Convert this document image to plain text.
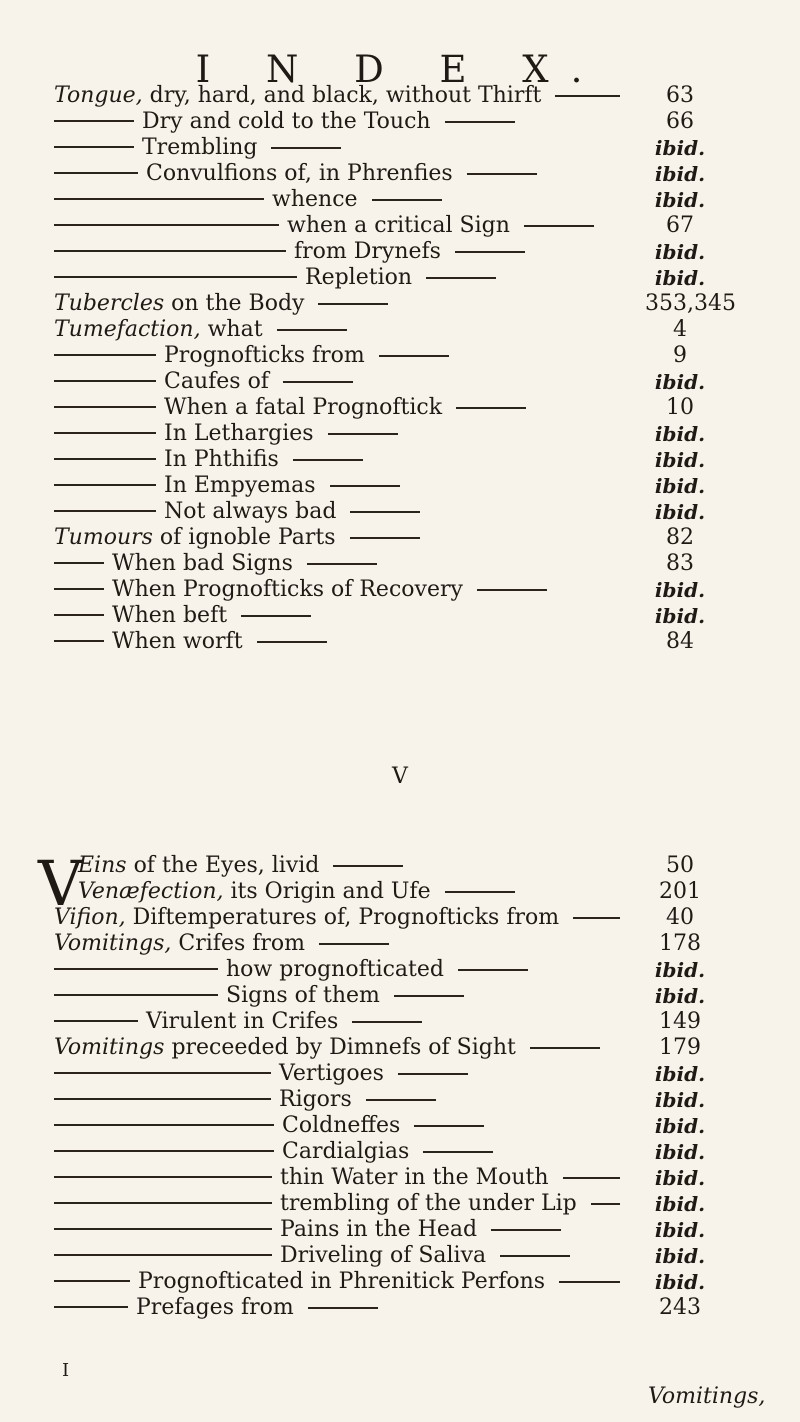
I N D E X.
Tongue, dry, hard, and black, without Thirft	63
Dry and cold to the Touch	66
Trembling	ibid.
Convulfions of, in Phrenfies	ibid.
whence	ibid.
when a critical Sign	67
from Drynefs	ibid.
Repletion	ibid.
Tubercles on the Body	353,345
Tumefaction, what	4
Prognofticks from	9
Caufes of	ibid.
When a fatal Prognoftick	10
In Lethargies	ibid.
In Phthifis	ibid.
In Empyemas	ibid.
Not always bad	ibid.
Tumours of ignoble Parts	82
When bad Signs	83
When Prognofticks of Recovery	ibid.
When beft	ibid.
When worft	84
Eins of the Eyes, livid	50
Venæfection, its Origin and Ufe	201
Vifion, Diftemperatures of, Prognofticks from	40
Vomitings, Crifes from	178
how prognofticated	ibid.
Signs of them	ibid.
Virulent in Crifes	149
Vomitings preceeded by Dimnefs of Sight	179
Vertigoes	ibid.
Rigors	ibid.
Coldneffes	ibid.
Cardialgias	ibid.
thin Water in the Mouth	ibid.
trembling of the under Lip	ibid.
Pains in the Head	ibid.
Driveling of Saliva	ibid.
Prognofticated in Phrenitick Perfons	ibid.
Prefages from	243
V
V
I
Vomitings,
